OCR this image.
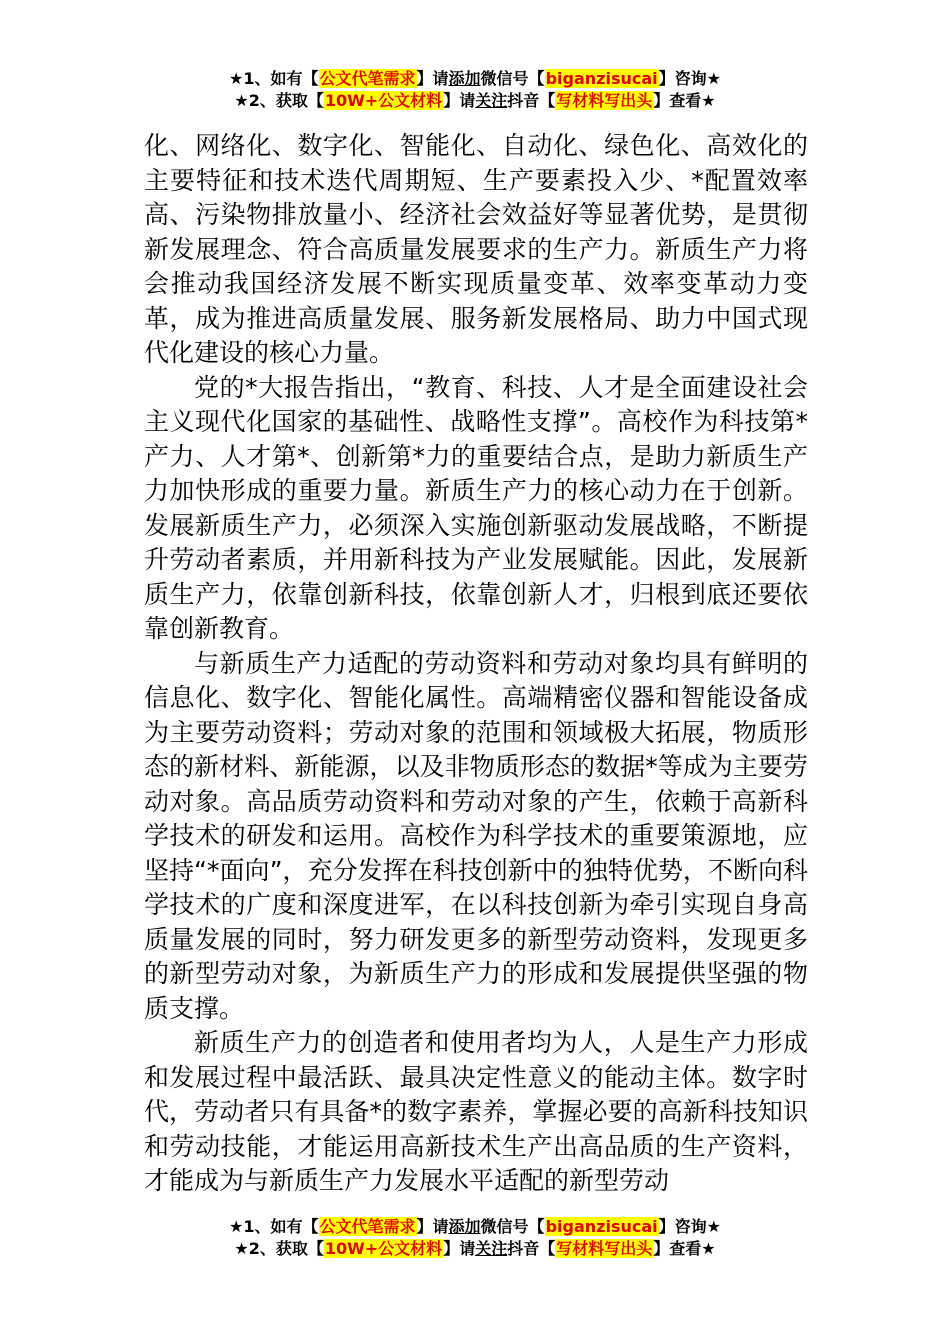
★1、如有【公文代笔需求】请添加微信号【biganzisucai】咨询★
★2、获取【10W+公文材料】请关注抖音【写材料写出头】查看★

化、网络化、数字化、智能化、自动化、绿色化、高效化的主要特征和技术迭代周期短、生产要素投入少、*配置效率高、污染物排放量小、经济社会效益好等显著优势，是贯彻新发展理念、符合高质量发展要求的生产力。新质生产力将会推动我国经济发展不断实现质量变革、效率变革动力变革，成为推进高质量发展、服务新发展格局、助力中国式现代化建设的核心力量。

党的*大报告指出，“教育、科技、人才是全面建设社会主义现代化国家的基础性、战略性支撑”。高校作为科技第*产力、人才第*、创新第*力的重要结合点，是助力新质生产力加快形成的重要力量。新质生产力的核心动力在于创新。发展新质生产力，必须深入实施创新驱动发展战略，不断提升劳动者素质，并用新科技为产业发展赋能。因此，发展新质生产力，依靠创新科技，依靠创新人才，归根到底还要依靠创新教育。

与新质生产力适配的劳动资料和劳动对象均具有鲜明的信息化、数字化、智能化属性。高端精密仪器和智能设备成为主要劳动资料；劳动对象的范围和领域极大拓展，物质形态的新材料、新能源，以及非物质形态的数据*等成为主要劳动对象。高品质劳动资料和劳动对象的产生，依赖于高新科学技术的研发和运用。高校作为科学技术的重要策源地，应坚持“*面向”，充分发挥在科技创新中的独特优势，不断向科学技术的广度和深度进军，在以科技创新为牵引实现自身高质量发展的同时，努力研发更多的新型劳动资料，发现更多的新型劳动对象，为新质生产力的形成和发展提供坚强的物质支撑。

新质生产力的创造者和使用者均为人，人是生产力形成和发展过程中最活跃、最具决定性意义的能动主体。数字时代，劳动者只有具备*的数字素养，掌握必要的高新科技知识和劳动技能，才能运用高新技术生产出高品质的生产资料，才能成为与新质生产力发展水平适配的新型劳动

★1、如有【公文代笔需求】请添加微信号【biganzisucai】咨询★
★2、获取【10W+公文材料】请关注抖音【写材料写出头】查看★
